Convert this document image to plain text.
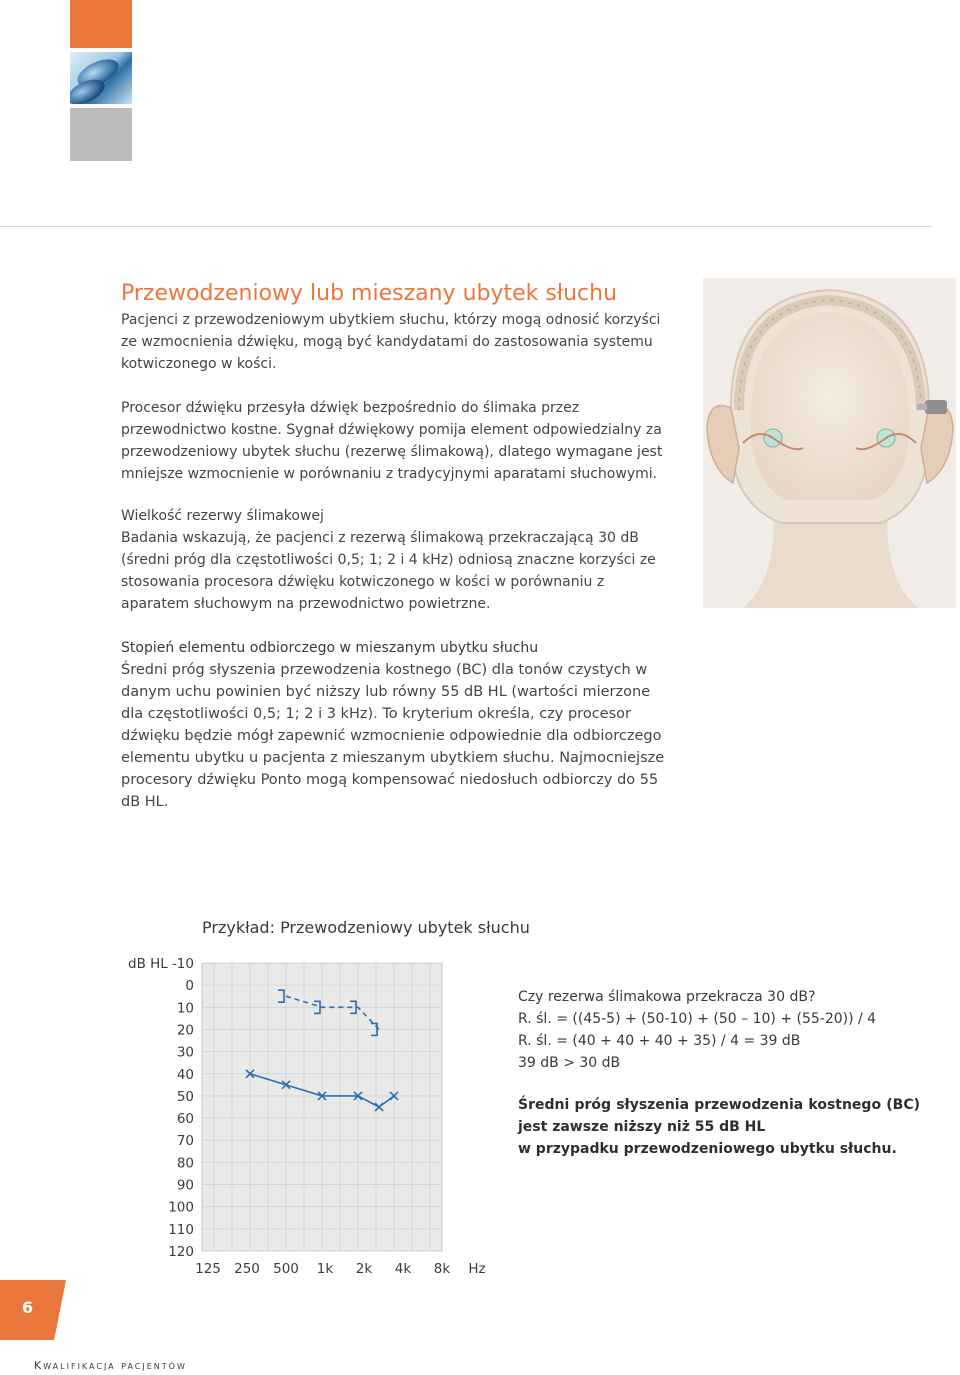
Przewodzeniowy lub mieszany ubytek słuchu

Pacjenci z przewodzeniowym ubytkiem słuchu, którzy mogą odnosić korzyści ze wzmocnienia dźwięku, mogą być kandydatami do zastosowania systemu kotwiczonego w kości.

Procesor dźwięku przesyła dźwięk bezpośrednio do ślimaka przez przewodnictwo kostne. Sygnał dźwiękowy pomija element odpowiedzialny za przewodzeniowy ubytek słuchu (rezerwę ślimakową), dlatego wymagane jest mniejsze wzmocnienie w porównaniu z tradycyjnymi aparatami słuchowymi.

Wielkość rezerwy ślimakowej

Badania wskazują, że pacjenci z rezerwą ślimakową przekraczającą 30 dB (średni próg dla częstotliwości 0,5; 1; 2 i 4 kHz) odniosą znaczne korzyści ze stosowania procesora dźwięku kotwiczonego w kości w porównaniu z aparatem słuchowym na przewodnictwo powietrzne.

Stopień elementu odbiorczego w mieszanym ubytku słuchu

Średni próg słyszenia przewodzenia kostnego (BC) dla tonów czystych w danym uchu powinien być niższy lub równy 55 dB HL (wartości mierzone dla częstotliwości 0,5; 1; 2 i 3 kHz). To kryterium określa, czy procesor dźwięku będzie mógł zapewnić wzmocnienie odpowiednie dla odbiorczego elementu ubytku u pacjenta z mieszanym ubytkiem słuchu. Najmocniejsze procesory dźwięku Ponto mogą kompensować niedosłuch odbiorczy do 55 dB HL.

Przykład: Przewodzeniowy ubytek słuchu

-10
0
10
20
30
40
50
60
70
80
90
100
110
120
dB HL
125 250 500 1k 2k 4k 8k Hz

Czy rezerwa ślimakowa przekracza 30 dB?

R. śl. = ((45-5) + (50-10) + (50 – 10) + (55-20)) / 4

R. śl. = (40 + 40 + 40 + 35) / 4 = 39 dB

39 dB > 30 dB

Średni próg słyszenia przewodzenia kostnego (BC) jest zawsze niższy niż 55 dB HL

w przypadku przewodzeniowego ubytku słuchu.

6
Kwalifikacja pacjentów
